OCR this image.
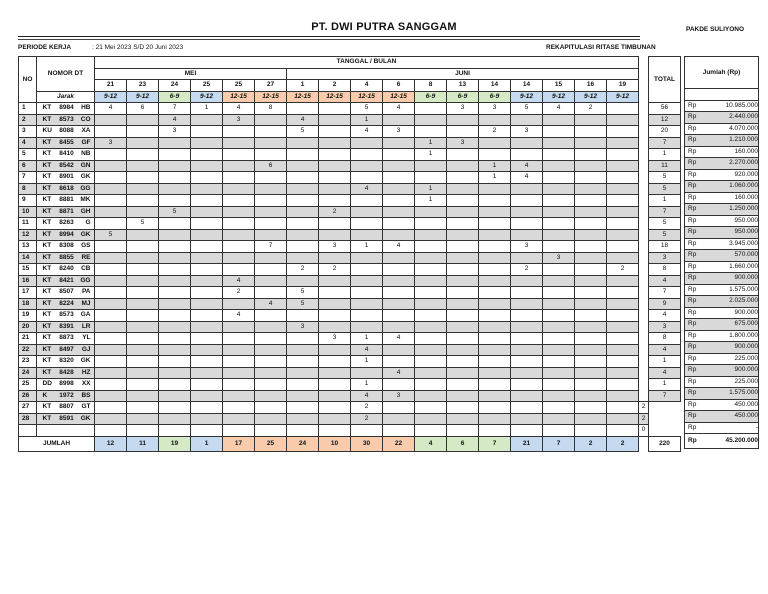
PT. DWI PUTRA SANGGAM	PAKDE SULIYONO
PERIODE KERJA	: 21 Mei 2023 S/D 20 Juni 2023	REKAPITULASI RITASE TIMBUNAN
NO	NOMOR DT	TANGGAL / BULAN																		TOTAL
		MEI						JUNI												
		21	23	24	25	25	27	1	2	4	6	8	13	14	14	15	16	19		
	Jarak	9-12	9-12	6-9	9-12	12-15	12-15	12-15	12-15	12-15	12-15	6-9	6-9	6-9	9-12	9-12	9-12	9-12		
1	KT 8984 HB	4	6	7	1	4	8			5	4		3	3	5	4	2			56
2	KT 8573 CO			4		3		4		1										12
3	KU 8088 XA			3				5		4	3			2	3					20
4	KT 8455 GF	3										1	3							7
5	KT 8410 NB											1								1
6	KT 8542 GN						6							1	4					11
7	KT 8901 GK													1	4					5
8	KT 8618 GG									4		1								5
9	KT 8881 MK											1								1
10	KT 8871 GH			5					2											7
11	KT 8263 G		5																	5
12	KT 8994 GK	5																		5
13	KT 8308 GS						7		3	1	4				3					18
14	KT 8855 RE															3				3
15	KT 8240 CB							2	2						2			2		8
16	KT 8421 GG					4														4
17	KT 8507 PA					2		5												7
18	KT 8224 MJ						4	5												9
19	KT 8573 GA					4														4
20	KT 8391 LR							3												3
21	KT 8873 YL								3	1	4									8
22	KT 8497 GJ									4										4
23	KT 8320 GK									1										1
24	KT 8428 HZ										4									4
25	DD 8998 XX									1										1
26	K 1972 BS									4	3									7
27	KT 8807 GT									2									2	
28	KT 8591 GK									2									2	
																			0	
JUMLAH		12	11	19	1	17	25	24	10	30	22	4	6	7	21	7	2	2		220
Jumlah (Rp)

Rp	10.985.000
Rp	2.440.000
Rp	4.070.000
Rp	1.210.000
Rp	160.000
Rp	2.270.000
Rp	920.000
Rp	1.060.000
Rp	160.000
Rp	1.250.000
Rp	950.000
Rp	950.000
Rp	3.945.000
Rp	570.000
Rp	1.660.000
Rp	900.000
Rp	1.575.000
Rp	2.025.000
Rp	900.000
Rp	675.000
Rp	1.800.000
Rp	900.000
Rp	225.000
Rp	900.000
Rp	225.000
Rp	1.575.000
Rp	450.000
Rp	450.000
Rp	-
Rp	45.200.000
